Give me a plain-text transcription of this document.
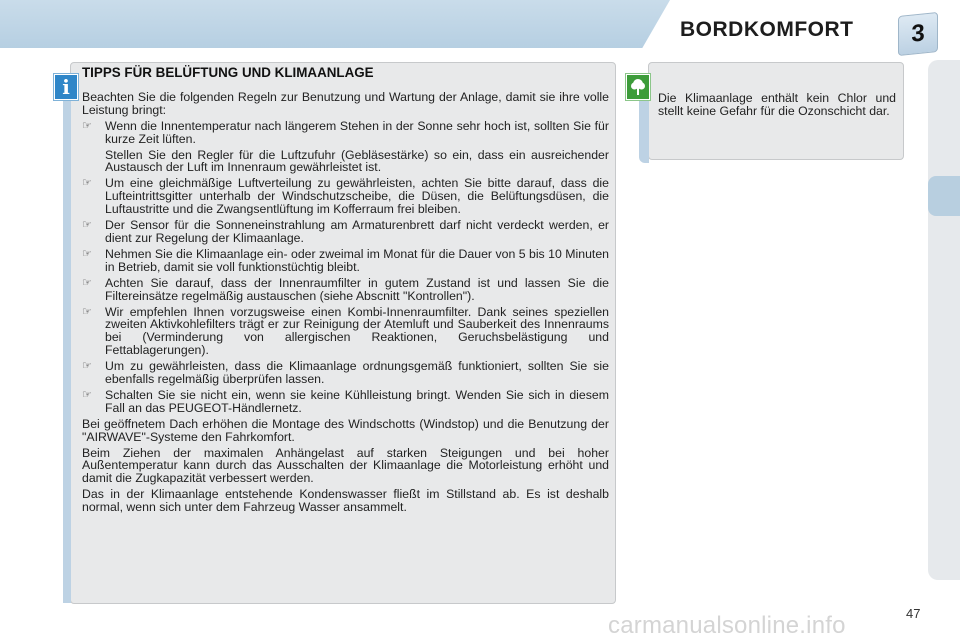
BORDKOMFORT	3
i
TIPPS FÜR BELÜFTUNG UND KLIMAANLAGE

Beachten Sie die folgenden Regeln zur Benutzung und Wartung der Anlage, damit sie ihre volle Leistung bringt:

☞ Wenn die Innentemperatur nach längerem Stehen in der Sonne sehr hoch ist, sollten Sie für kurze Zeit lüften.
Stellen Sie den Regler für die Luftzufuhr (Gebläsestärke) so ein, dass ein ausreichender Austausch der Luft im Innenraum gewährleistet ist.
☞ Um eine gleichmäßige Luftverteilung zu gewährleisten, achten Sie bitte darauf, dass die Lufteintrittsgitter unterhalb der Windschutzscheibe, die Düsen, die Belüftungsdüsen, die Luftaustritte und die Zwangsentlüftung im Kofferraum frei bleiben.
☞ Der Sensor für die Sonneneinstrahlung am Armaturenbrett darf nicht verdeckt werden, er dient zur Regelung der Klimaanlage.
☞ Nehmen Sie die Klimaanlage ein- oder zweimal im Monat für die Dauer von 5 bis 10 Minuten in Betrieb, damit sie voll funktionstüchtig bleibt.
☞ Achten Sie darauf, dass der Innenraumfilter in gutem Zustand ist und lassen Sie die Filtereinsätze regelmäßig austauschen (siehe Abscnitt "Kontrollen").
☞ Wir empfehlen Ihnen vorzugsweise einen Kombi-Innenraumfilter. Dank seines speziellen zweiten Aktivkohlefilters trägt er zur Reinigung der Atemluft und Sauberkeit des Innenraums bei (Verminderung von allergischen Reaktionen, Geruchsbelästigung und Fettablagerungen).
☞ Um zu gewährleisten, dass die Klimaanlage ordnungsgemäß funktioniert, sollten Sie sie ebenfalls regelmäßig überprüfen lassen.
☞ Schalten Sie sie nicht ein, wenn sie keine Kühlleistung bringt. Wenden Sie sich in diesem Fall an das PEUGEOT-Händlernetz.

Bei geöffnetem Dach erhöhen die Montage des Windschotts (Windstop) und die Benutzung der "AIRWAVE"-Systeme den Fahrkomfort.

Beim Ziehen der maximalen Anhängelast auf starken Steigungen und bei hoher Außentemperatur kann durch das Ausschalten der Klimaanlage die Motorleistung erhöht und damit die Zugkapazität verbessert werden.

Das in der Klimaanlage entstehende Kondenswasser fließt im Stillstand ab. Es ist deshalb normal, wenn sich unter dem Fahrzeug Wasser ansammelt.

Die Klimaanlage enthält kein Chlor und stellt keine Gefahr für die Ozonschicht dar.
carmanualsonline.info	47
